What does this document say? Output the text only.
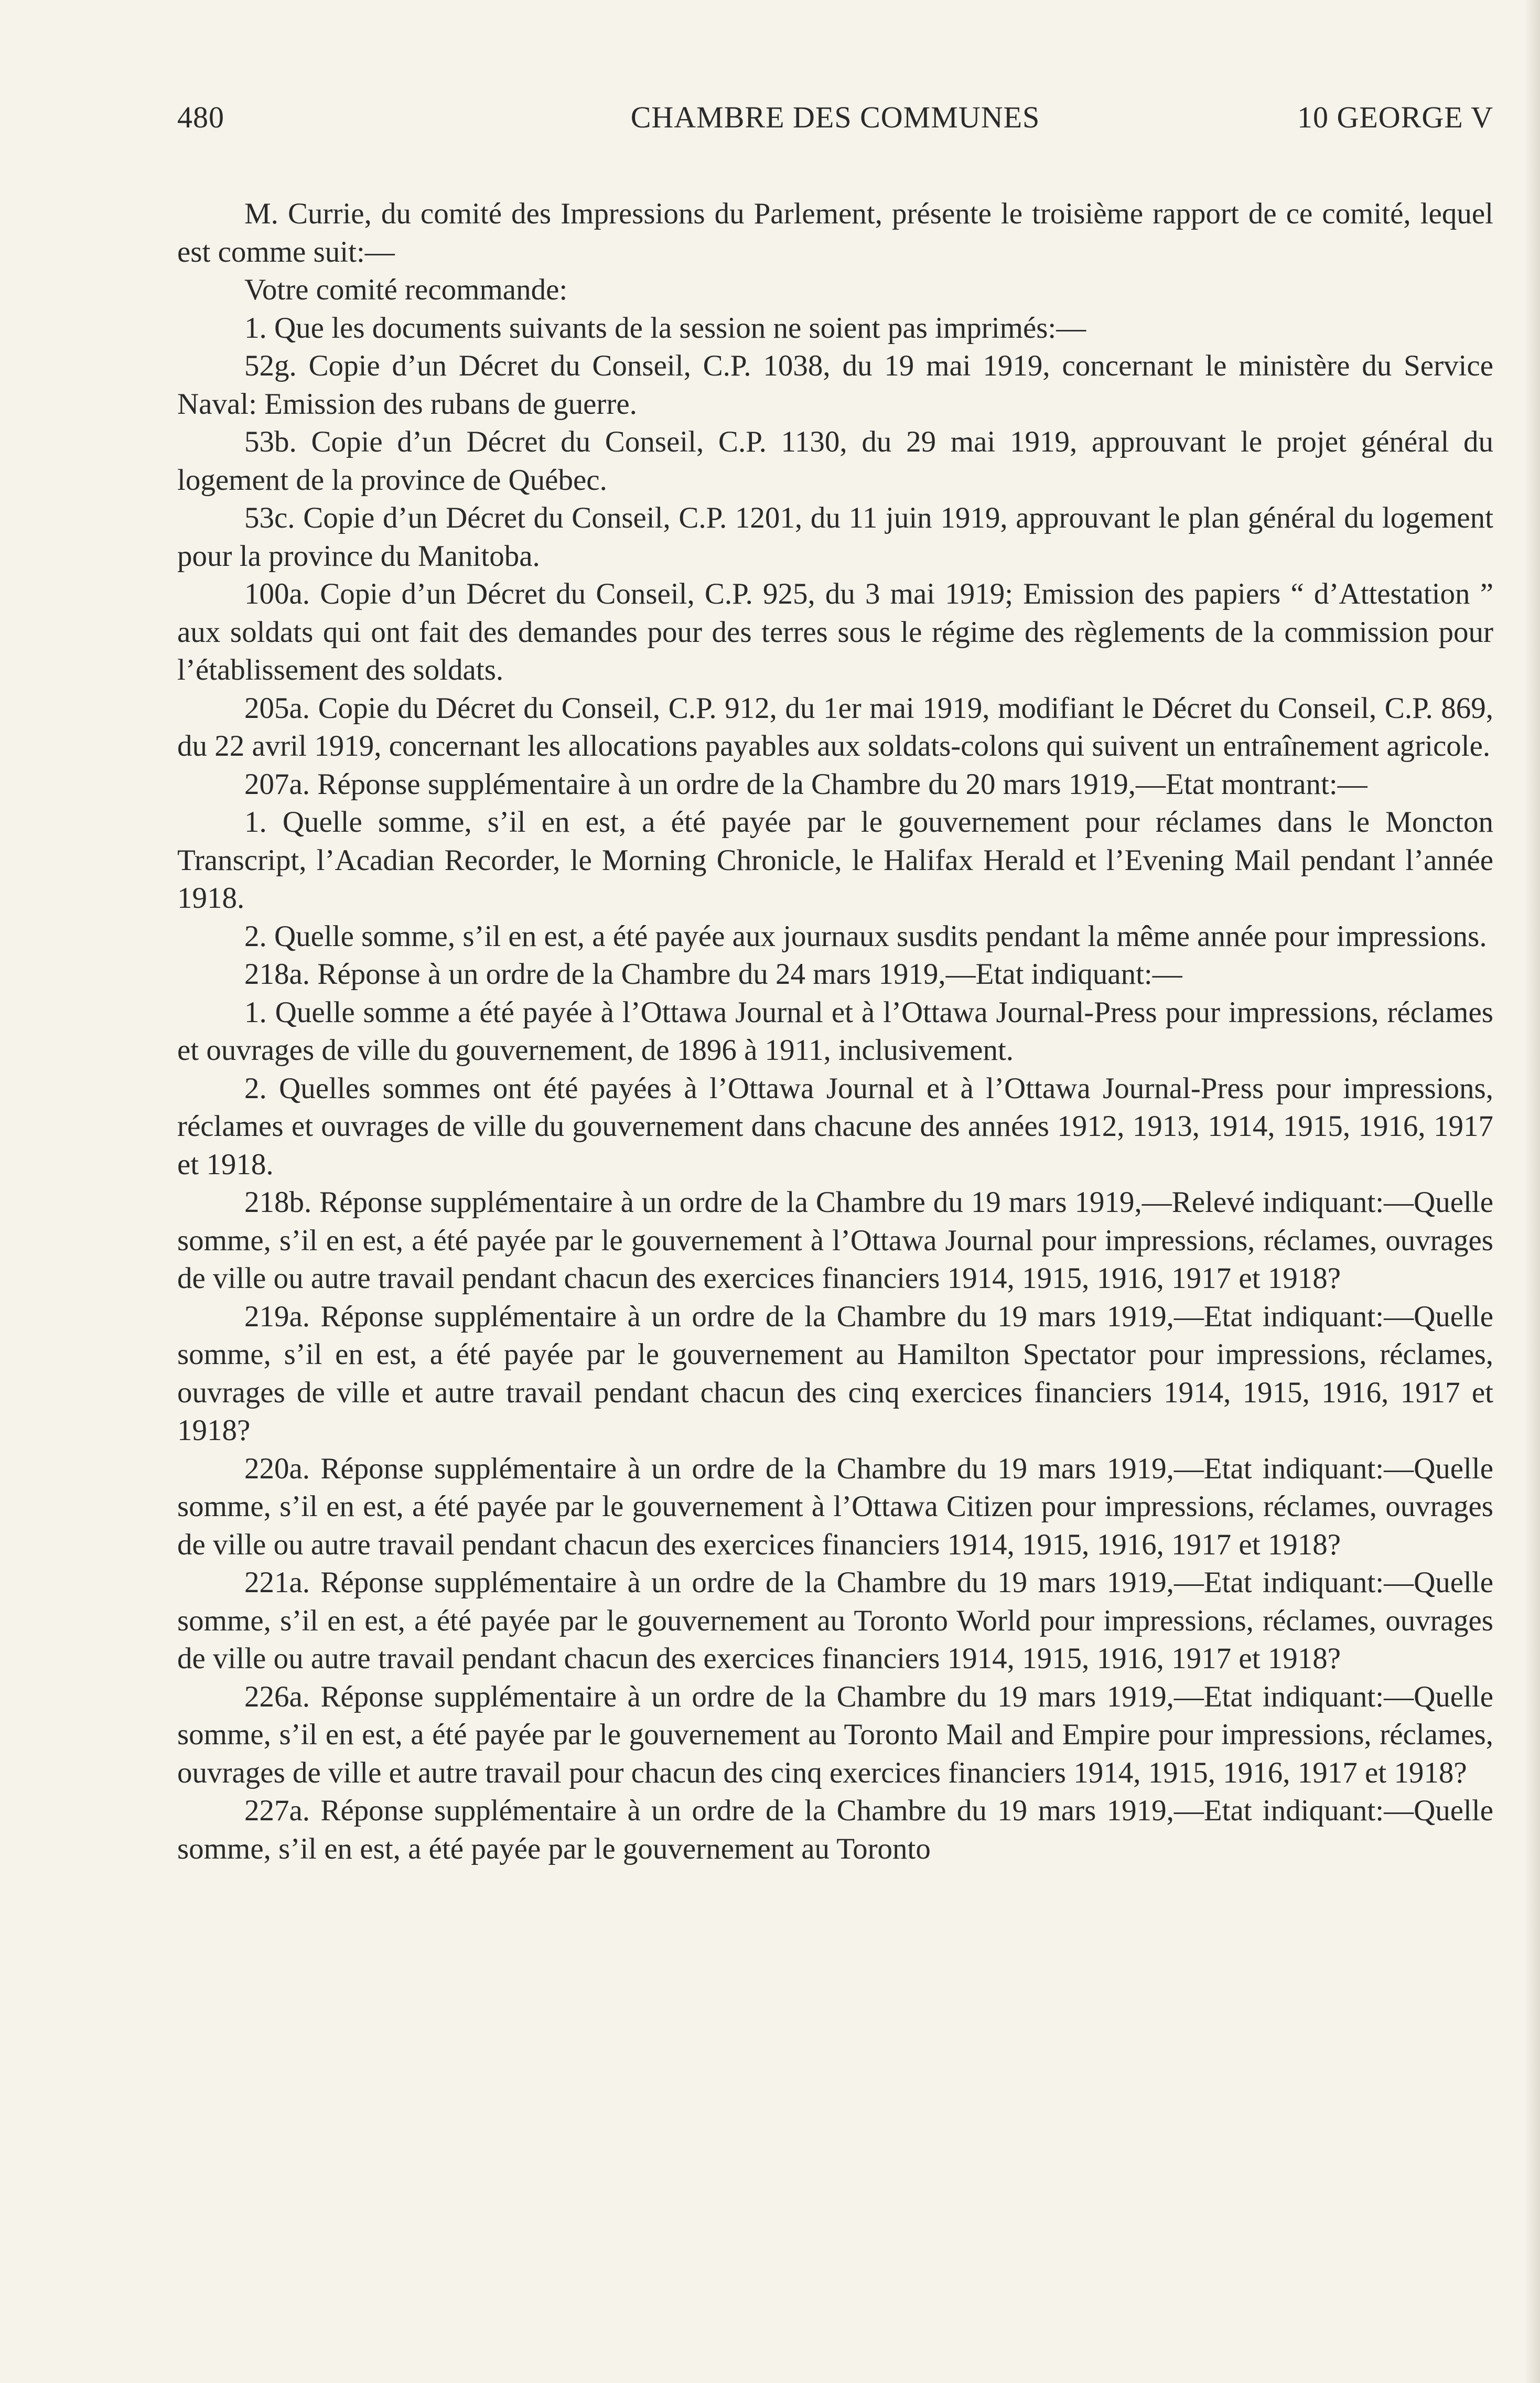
480	CHAMBRE DES COMMUNES	10 GEORGE V

M. Currie, du comité des Impressions du Parlement, présente le troisième rapport de ce comité, lequel est comme suit:—

Votre comité recommande:

1. Que les documents suivants de la session ne soient pas imprimés:—

52g. Copie d’un Décret du Conseil, C.P. 1038, du 19 mai 1919, concernant le ministère du Service Naval: Emission des rubans de guerre.

53b. Copie d’un Décret du Conseil, C.P. 1130, du 29 mai 1919, approuvant le projet général du logement de la province de Québec.

53c. Copie d’un Décret du Conseil, C.P. 1201, du 11 juin 1919, approuvant le plan général du logement pour la province du Manitoba.

100a. Copie d’un Décret du Conseil, C.P. 925, du 3 mai 1919; Emission des papiers “ d’Attestation ” aux soldats qui ont fait des demandes pour des terres sous le régime des règlements de la commission pour l’établissement des soldats.

205a. Copie du Décret du Conseil, C.P. 912, du 1er mai 1919, modifiant le Décret du Conseil, C.P. 869, du 22 avril 1919, concernant les allocations payables aux soldats-colons qui suivent un entraînement agricole.

207a. Réponse supplémentaire à un ordre de la Chambre du 20 mars 1919,—Etat montrant:—

1. Quelle somme, s’il en est, a été payée par le gouvernement pour réclames dans le Moncton Transcript, l’Acadian Recorder, le Morning Chronicle, le Halifax Herald et l’Evening Mail pendant l’année 1918.

2. Quelle somme, s’il en est, a été payée aux journaux susdits pendant la même année pour impressions.

218a. Réponse à un ordre de la Chambre du 24 mars 1919,—Etat indiquant:—

1. Quelle somme a été payée à l’Ottawa Journal et à l’Ottawa Journal-Press pour impressions, réclames et ouvrages de ville du gouvernement, de 1896 à 1911, inclusivement.

2. Quelles sommes ont été payées à l’Ottawa Journal et à l’Ottawa Journal-Press pour impressions, réclames et ouvrages de ville du gouvernement dans chacune des années 1912, 1913, 1914, 1915, 1916, 1917 et 1918.

218b. Réponse supplémentaire à un ordre de la Chambre du 19 mars 1919,—Relevé indiquant:—Quelle somme, s’il en est, a été payée par le gouvernement à l’Ottawa Journal pour impressions, réclames, ouvrages de ville ou autre travail pendant chacun des exercices financiers 1914, 1915, 1916, 1917 et 1918?

219a. Réponse supplémentaire à un ordre de la Chambre du 19 mars 1919,—Etat indiquant:—Quelle somme, s’il en est, a été payée par le gouvernement au Hamilton Spectator pour impressions, réclames, ouvrages de ville et autre travail pendant chacun des cinq exercices financiers 1914, 1915, 1916, 1917 et 1918?

220a. Réponse supplémentaire à un ordre de la Chambre du 19 mars 1919,—Etat indiquant:—Quelle somme, s’il en est, a été payée par le gouvernement à l’Ottawa Citizen pour impressions, réclames, ouvrages de ville ou autre travail pendant chacun des exercices financiers 1914, 1915, 1916, 1917 et 1918?

221a. Réponse supplémentaire à un ordre de la Chambre du 19 mars 1919,—Etat indiquant:—Quelle somme, s’il en est, a été payée par le gouvernement au Toronto World pour impressions, réclames, ouvrages de ville ou autre travail pendant chacun des exercices financiers 1914, 1915, 1916, 1917 et 1918?

226a. Réponse supplémentaire à un ordre de la Chambre du 19 mars 1919,—Etat indiquant:—Quelle somme, s’il en est, a été payée par le gouvernement au Toronto Mail and Empire pour impressions, réclames, ouvrages de ville et autre travail pour chacun des cinq exercices financiers 1914, 1915, 1916, 1917 et 1918?

227a. Réponse supplémentaire à un ordre de la Chambre du 19 mars 1919,—Etat indiquant:—Quelle somme, s’il en est, a été payée par le gouvernement au Toronto
